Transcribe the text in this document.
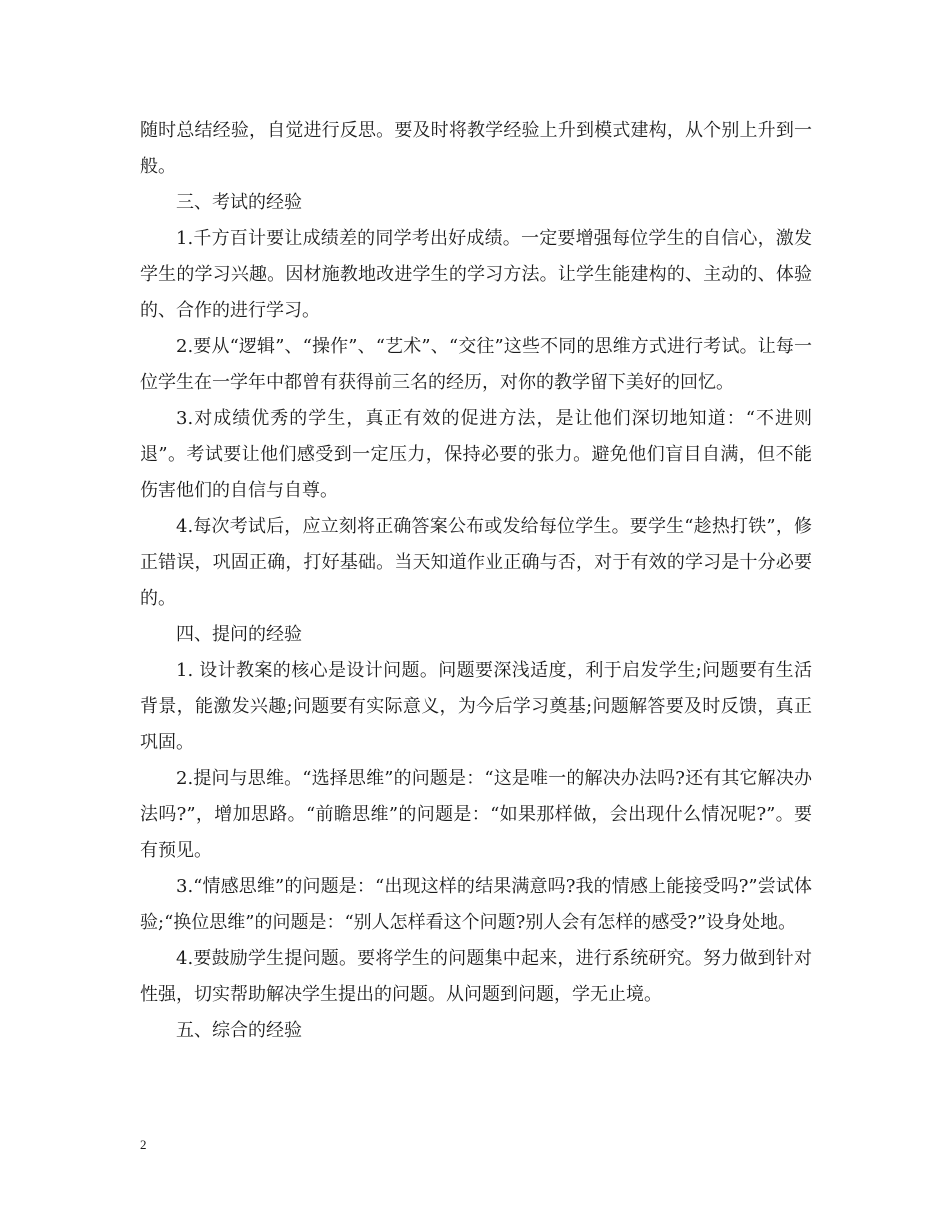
随时总结经验，自觉进行反思。要及时将教学经验上升到模式建构，从个别上升到一般。

三、考试的经验

1.千方百计要让成绩差的同学考出好成绩。一定要增强每位学生的自信心，激发学生的学习兴趣。因材施教地改进学生的学习方法。让学生能建构的、主动的、体验的、合作的进行学习。

2.要从“逻辑”、“操作”、“艺术”、“交往”这些不同的思维方式进行考试。让每一位学生在一学年中都曾有获得前三名的经历，对你的教学留下美好的回忆。

3.对成绩优秀的学生，真正有效的促进方法，是让他们深切地知道：“不进则退”。考试要让他们感受到一定压力，保持必要的张力。避免他们盲目自满，但不能伤害他们的自信与自尊。

4.每次考试后，应立刻将正确答案公布或发给每位学生。要学生“趁热打铁”，修正错误，巩固正确，打好基础。当天知道作业正确与否，对于有效的学习是十分必要的。

四、提问的经验

1. 设计教案的核心是设计问题。问题要深浅适度，利于启发学生;问题要有生活背景，能激发兴趣;问题要有实际意义，为今后学习奠基;问题解答要及时反馈，真正巩固。

2.提问与思维。“选择思维”的问题是：“这是唯一的解决办法吗?还有其它解决办法吗?”，增加思路。“前瞻思维”的问题是：“如果那样做，会出现什么情况呢?”。要有预见。

3.“情感思维”的问题是：“出现这样的结果满意吗?我的情感上能接受吗?”尝试体验;“换位思维”的问题是：“别人怎样看这个问题?别人会有怎样的感受?”设身处地。

4.要鼓励学生提问题。要将学生的问题集中起来，进行系统研究。努力做到针对性强，切实帮助解决学生提出的问题。从问题到问题，学无止境。

五、综合的经验

2
